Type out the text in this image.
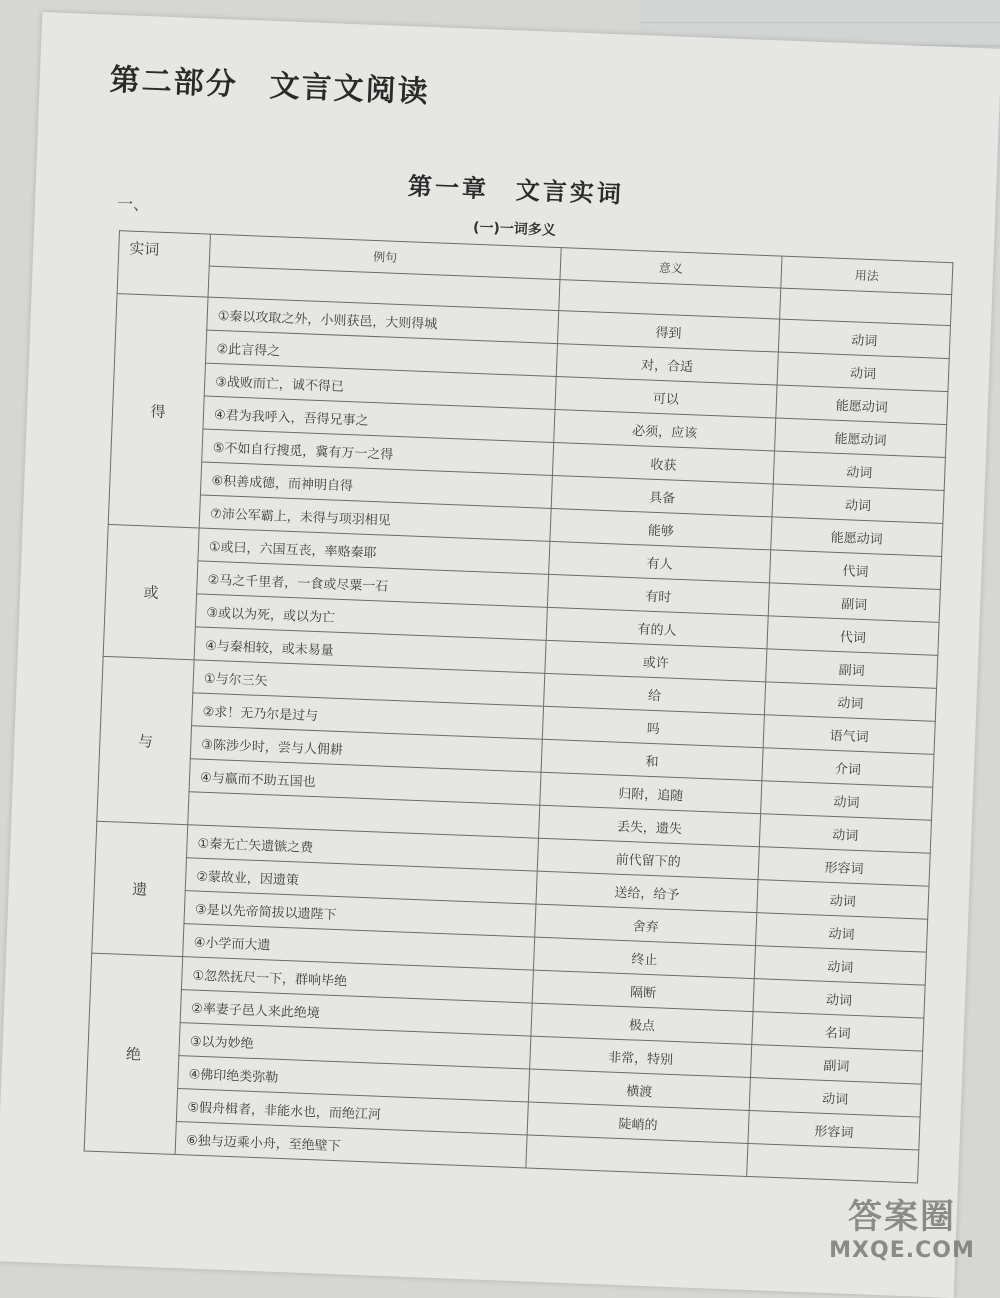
第二部分　文言文阅读
一、	第一章　文言实词
(一)一词多义
实词	例句	意义	用法

得	①秦以攻取之外，小则获邑，大则得城	得到	动词
	②此言得之	对，合适	动词
	③战败而亡，诚不得已	可以	能愿动词
	④君为我呼入，吾得兄事之	必须，应该	能愿动词
	⑤不如自行搜觅，冀有万一之得	收获	动词
	⑥积善成德，而神明自得	具备	动词
	⑦沛公军霸上，未得与项羽相见	能够	能愿动词
或	①或曰，六国互丧，率赂秦耶	有人	代词
	②马之千里者，一食或尽粟一石	有时	副词
	③或以为死，或以为亡	有的人	代词
	④与秦相较，或未易量	或许	副词
与	①与尔三矢	给	动词
	②求！无乃尔是过与	吗	语气词
	③陈涉少时，尝与人佣耕	和	介词
	④与嬴而不助五国也	归附，追随	动词
		丢失，遗失	动词
遗	①秦无亡矢遗镞之费	前代留下的	形容词
	②蒙故业，因遗策	送给，给予	动词
	③是以先帝简拔以遗陛下	舍弃	动词
	④小学而大遗	终止	动词
绝	①忽然抚尺一下，群响毕绝	隔断	动词
	②率妻子邑人来此绝境	极点	名词
	③以为妙绝	非常，特别	副词
	④佛印绝类弥勒	横渡	动词
	⑤假舟楫者，非能水也，而绝江河	陡峭的	形容词
	⑥独与迈乘小舟，至绝壁下		
答案圈
MXQE.COM
